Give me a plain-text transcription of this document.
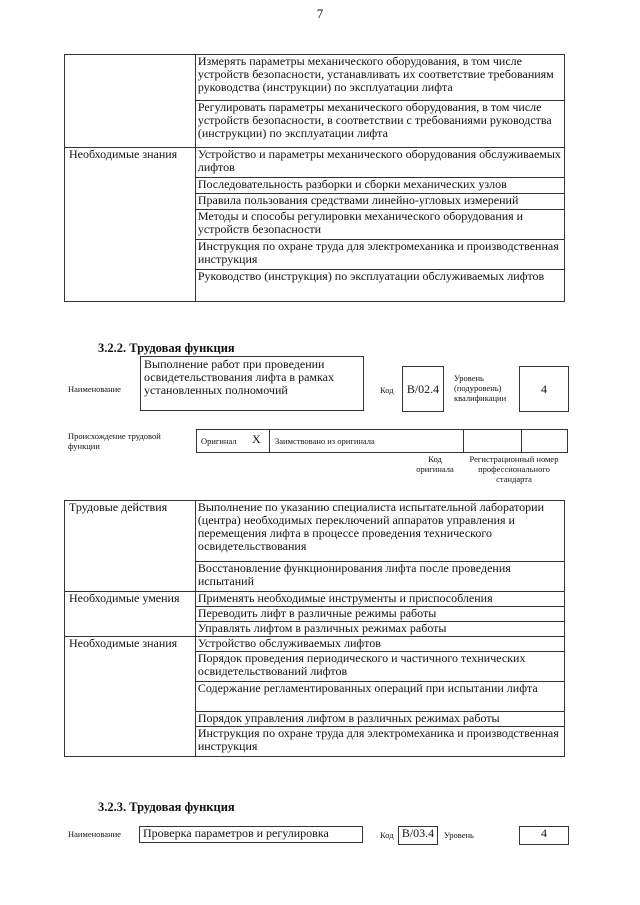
7
	Измерять параметры механического оборудования, в том числе устройств безопасности, устанавливать их соответствие требованиям руководства (инструкции) по эксплуатации лифта
	Регулировать параметры механического оборудования, в том числе устройств безопасности, в соответствии с требованиями руководства (инструкции) по эксплуатации лифта
Необходимые знания	Устройство и параметры механического оборудования обслуживаемых лифтов
	Последовательность разборки и сборки механических узлов
	Правила пользования средствами линейно-угловых измерений
	Методы и способы регулировки механического оборудования и устройств безопасности
	Инструкция по охране труда для электромеханика и производственная инструкция
	Руководство (инструкция) по эксплуатации обслуживаемых лифтов
3.2.2. Трудовая функция
Наименование
Выполнение работ при проведении освидетельствования лифта в рамках установленных полномочий	Код	B/02.4
Уровень (подуровень) квалификации
4
Происхождение трудовой функции	Оригинал X Заимствовано из оригинала
Код оригинала
Регистрационный номер профессионального стандарта
Трудовые действия	Выполнение по указанию специалиста испытательной лаборатории (центра) необходимых переключений аппаратов управления и перемещения лифта в процессе проведения технического освидетельствования
	Восстановление функционирования лифта после проведения испытаний
Необходимые умения	Применять необходимые инструменты и приспособления
	Переводить лифт в различные режимы работы
	Управлять лифтом в различных режимах работы
Необходимые знания	Устройство обслуживаемых лифтов
	Порядок проведения периодического и частичного технических освидетельствований лифтов
	Содержание регламентированных операций при испытании лифта
	Порядок управления лифтом в различных режимах работы
	Инструкция по охране труда для электромеханика и производственная инструкция
3.2.3. Трудовая функция
Наименование	Проверка параметров и регулировка	Код B/03.4	Уровень	4
